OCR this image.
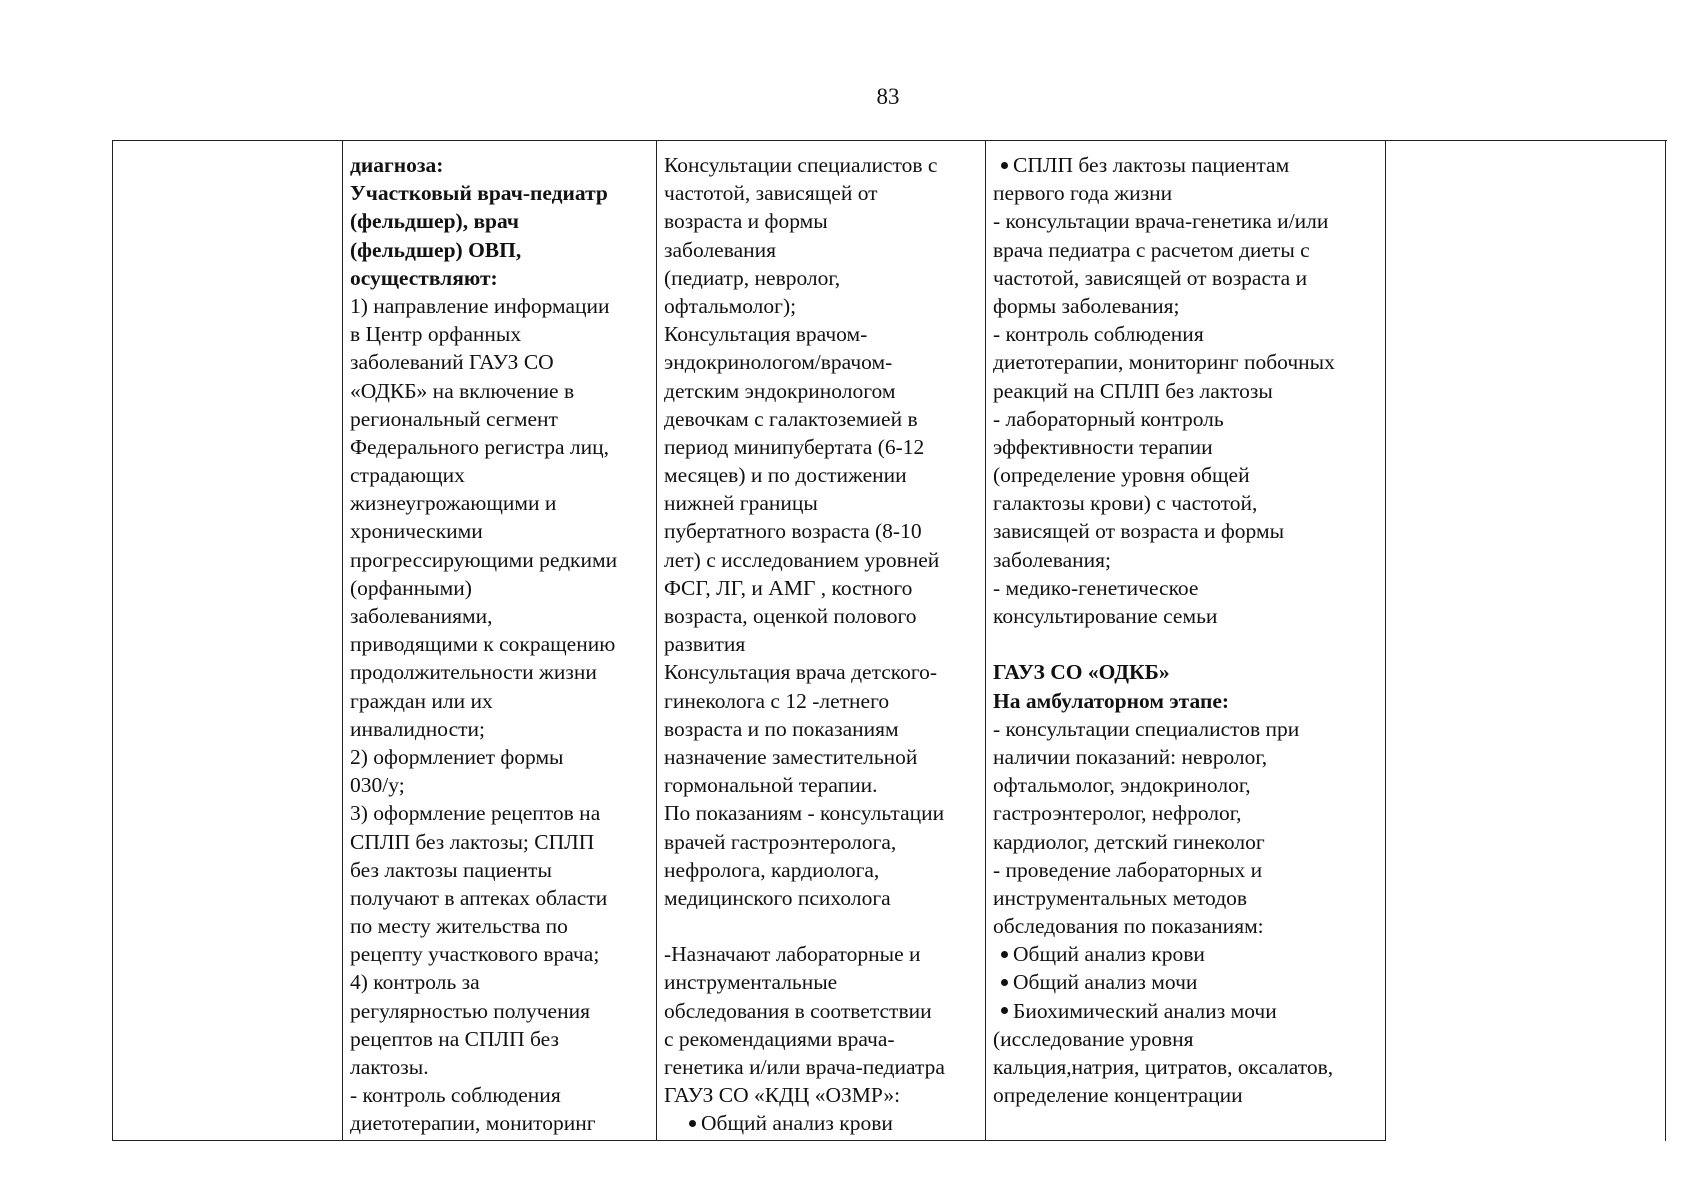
83
диагноза:
Участковый врач-педиатр
(фельдшер), врач
(фельдшер) ОВП,
осуществляют:
1) направление информации
в Центр орфанных
заболеваний ГАУЗ СО
«ОДКБ» на включение в
региональный сегмент
Федерального регистра лиц,
страдающих
жизнеугрожающими и
хроническими
прогрессирующими редкими
(орфанными)
заболеваниями,
приводящими к сокращению
продолжительности жизни
граждан или их
инвалидности;
2) оформлениет формы
030/у;
3) оформление рецептов на
СПЛП без лактозы; СПЛП
без лактозы пациенты
получают в аптеках области
по месту жительства по
рецепту участкового врача;
4) контроль за
регулярностью получения
рецептов на СПЛП без
лактозы.
- контроль соблюдения
диетотерапии, мониторинг
Консультации специалистов с
частотой, зависящей от
возраста и формы
заболевания
(педиатр, невролог,
офтальмолог);
Консультация врачом-
эндокринологом/врачом-
детским эндокринологом
девочкам с галактоземией в
период минипубертата (6-12
месяцев) и по достижении
нижней границы
пубертатного возраста (8-10
лет) с исследованием уровней
ФСГ, ЛГ, и АМГ , костного
возраста, оценкой полового
развития
Консультация врача детского-
гинеколога с 12 -летнего
возраста и по показаниям
назначение заместительной
гормональной терапии.
По показаниям - консультации
врачей гастроэнтеролога,
нефролога, кардиолога,
медицинского психолога
-Назначают лабораторные и
инструментальные
обследования в соответствии
с рекомендациями врача-
генетика и/или врача-педиатра
ГАУЗ СО «КДЦ «ОЗМР»:
Общий анализ крови
СПЛП без лактозы пациентам
первого года жизни
- консультации врача-генетика и/или
врача педиатра с расчетом диеты с
частотой, зависящей от возраста и
формы заболевания;
- контроль соблюдения
диетотерапии, мониторинг побочных
реакций на СПЛП без лактозы
- лабораторный контроль
эффективности терапии
(определение уровня общей
галактозы крови) с частотой,
зависящей от возраста и формы
заболевания;
- медико-генетическое
консультирование семьи
ГАУЗ СО «ОДКБ»
На амбулаторном этапе:
- консультации специалистов при
наличии показаний: невролог,
офтальмолог, эндокринолог,
гастроэнтеролог, нефролог,
кардиолог, детский гинеколог
- проведение лабораторных и
инструментальных методов
обследования по показаниям:
Общий анализ крови
Общий анализ мочи
Биохимический анализ мочи
(исследование уровня
кальция,натрия, цитратов, оксалатов,
определение концентрации
